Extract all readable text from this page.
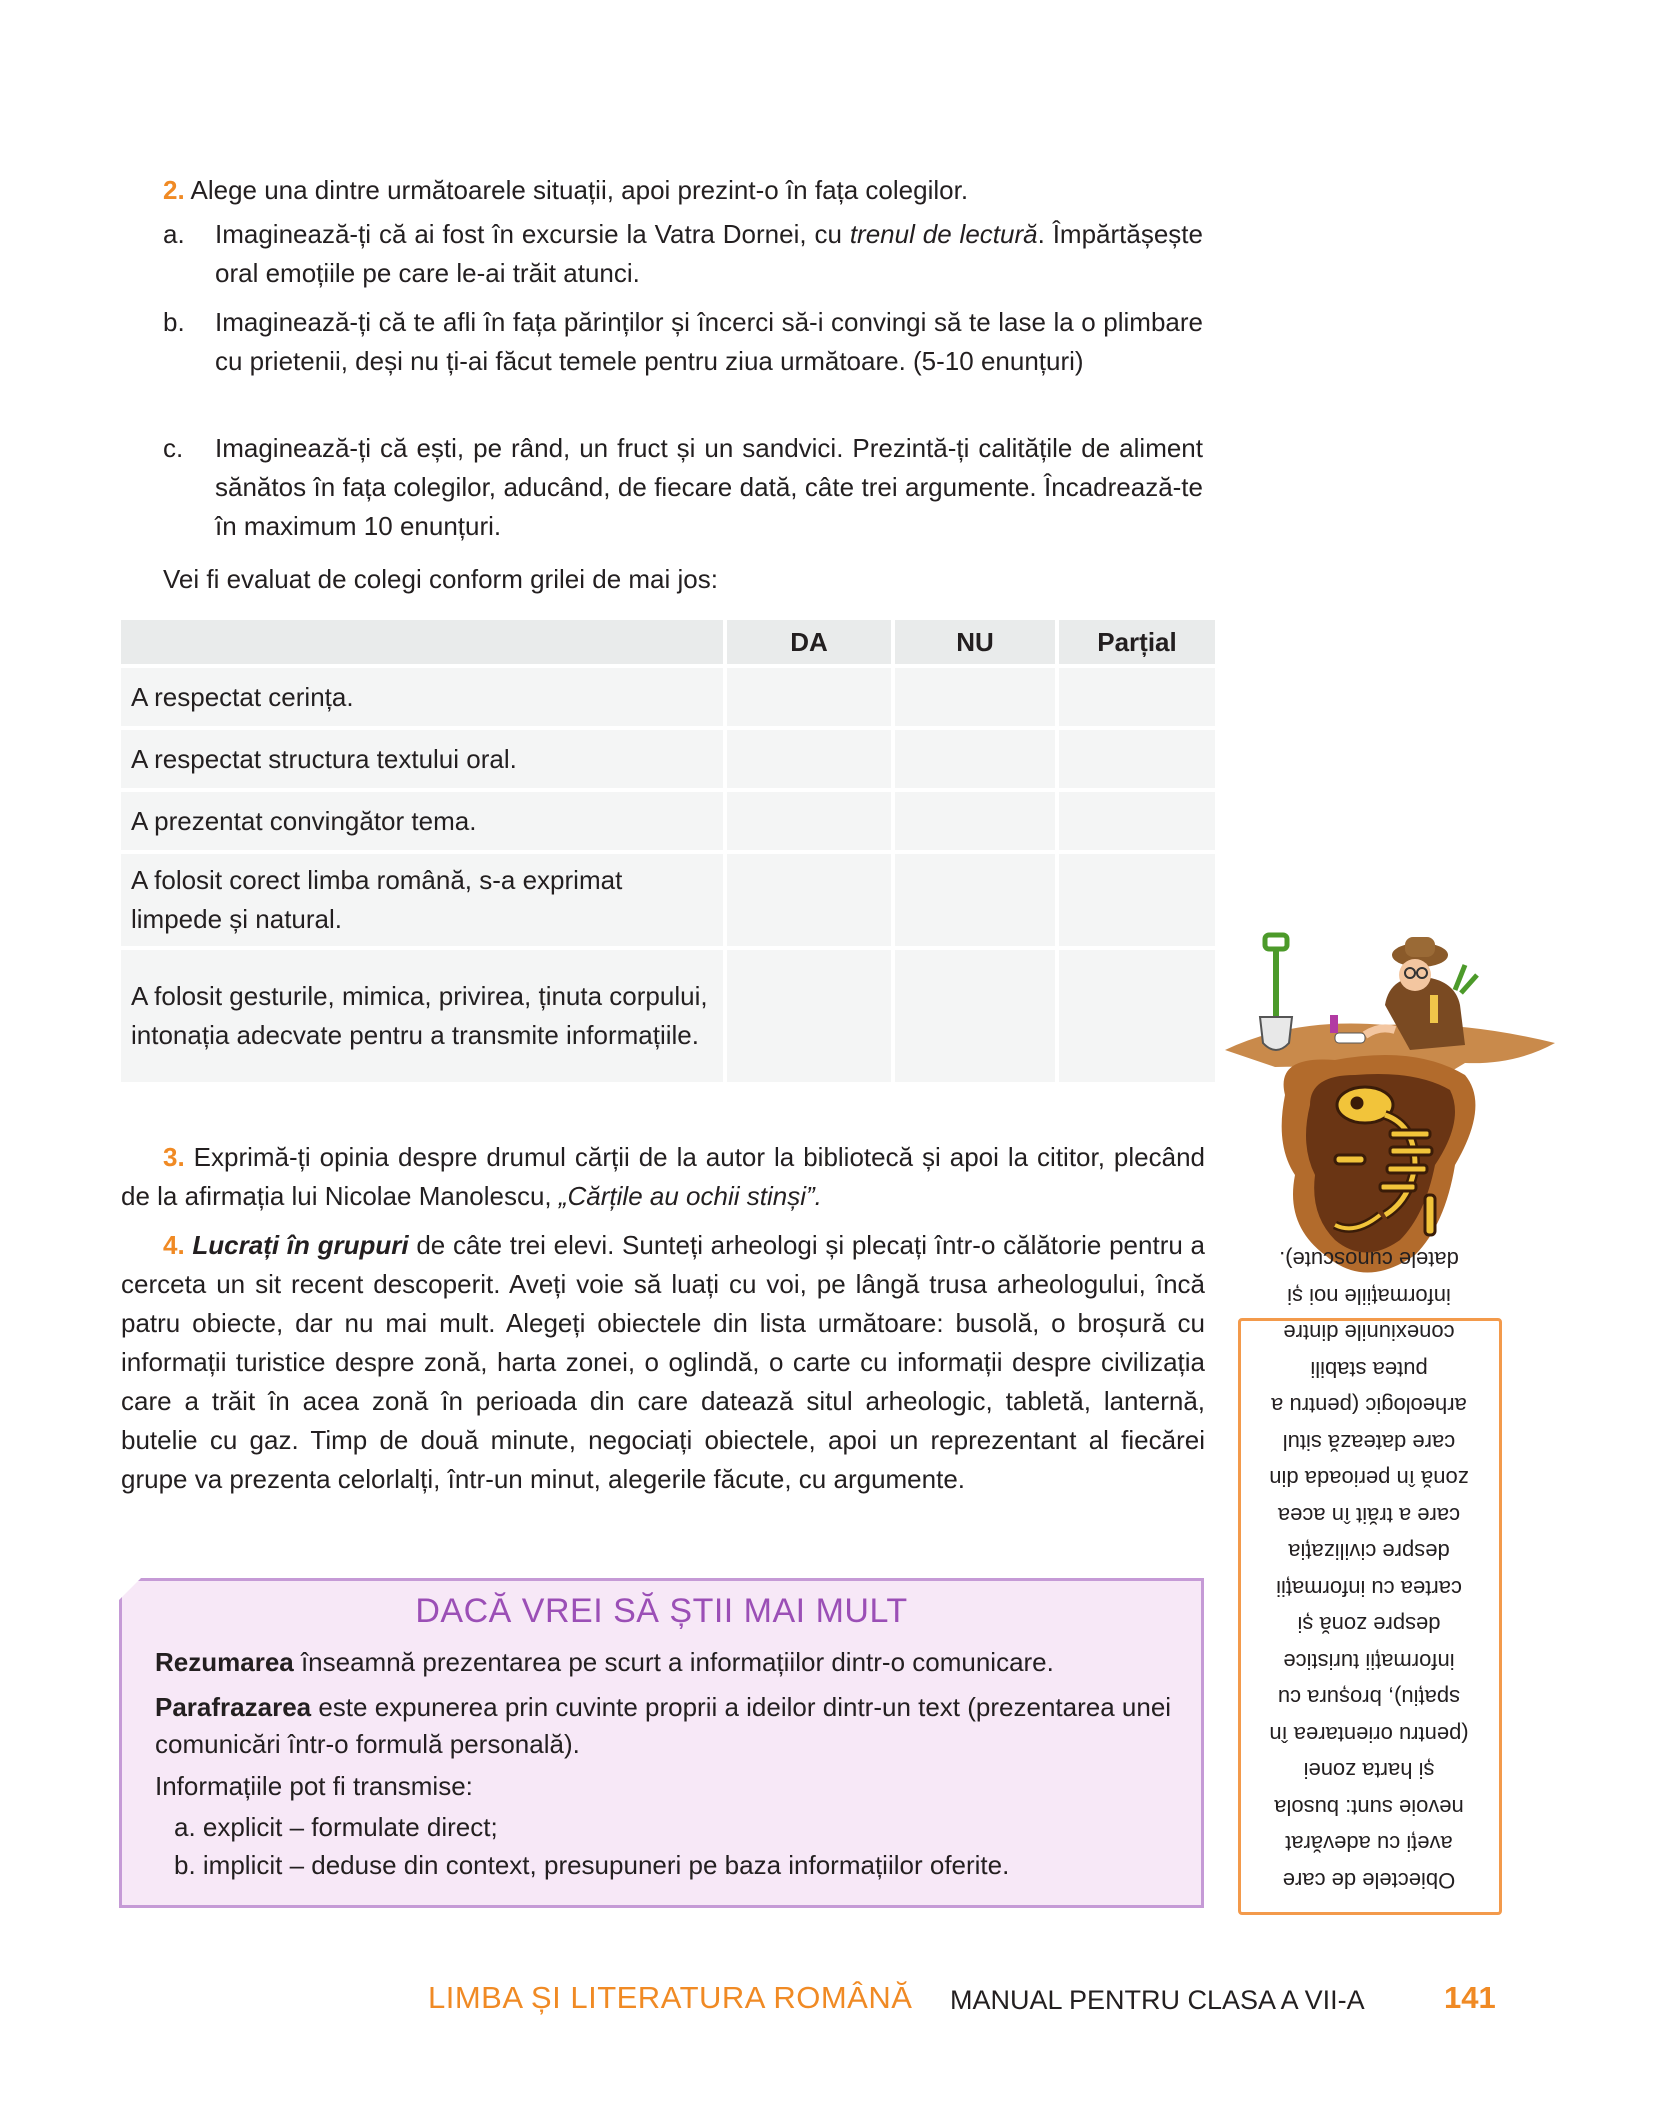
2. Alege una dintre următoarele situații, apoi prezint-o în fața colegilor.

a. Imaginează-ți că ai fost în excursie la Vatra Dornei, cu trenul de lectură. Împărtășește oral emoțiile pe care le-ai trăit atunci.
b. Imaginează-ți că te afli în fața părinților și încerci să-i convingi să te lase la o plimbare cu prietenii, deși nu ți-ai făcut temele pentru ziua următoare. (5-10 enunțuri)
c. Imaginează-ți că ești, pe rând, un fruct și un sandvici. Prezintă-ți calitățile de aliment sănătos în fața colegilor, aducând, de fiecare dată, câte trei argumente. Încadrează-te în maximum 10 enunțuri.

Vei fi evaluat de colegi conform grilei de mai jos:

	DA	NU	Parțial
A respectat cerința.			
A respectat structura textului oral.			
A prezentat convingător tema.			
A folosit corect limba română, s-a exprimat limpede și natural.			
A folosit gesturile, mimica, privirea, ținuta corpului, intonația adecvate pentru a transmite informațiile.			

3. Exprimă-ți opinia despre drumul cărții de la autor la bibliotecă și apoi la cititor, plecând de la afirmația lui Nicolae Manolescu, „Cărțile au ochii stinși”.

4. Lucrați în grupuri de câte trei elevi. Sunteți arheologi și plecați într-o călătorie pentru a cerceta un sit recent descoperit. Aveți voie să luați cu voi, pe lângă trusa arheologului, încă patru obiecte, dar nu mai mult. Alegeți obiectele din lista următoare: busolă, o broșură cu informații turistice despre zonă, harta zonei, o oglindă, o carte cu informații despre civilizația care a trăit în acea zonă în perioada din care datează situl arheologic, tabletă, lanternă, butelie cu gaz. Timp de două minute, negociați obiectele, apoi un reprezentant al fiecărei grupe va prezenta celorlalți, într-un minut, alegerile făcute, cu argumente.

DACĂ VREI SĂ ȘTII MAI MULT

Rezumarea înseamnă prezentarea pe scurt a informațiilor dintr-o comunicare.

Parafrazarea este expunerea prin cuvinte proprii a ideilor dintr-un text (prezentarea unei comunicări într-o formulă personală).

Informațiile pot fi transmise:

a. explicit – formulate direct;

b. implicit – deduse din context, presupuneri pe baza informațiilor oferite.

Obiectele de care aveți cu adevărat nevoie sunt: busola și harta zonei (pentru orientarea în spațiu), broșura cu informații turistice despre zonă și cartea cu informații despre civilizația care a trăit în acea zonă în perioada din care datează situl arheologic (pentru a putea stabili conexiunile dintre informațiile noi și datele cunoscute).
LIMBA ȘI LITERATURA ROMÂNĂ MANUAL PENTRU CLASA A VII-A	141
